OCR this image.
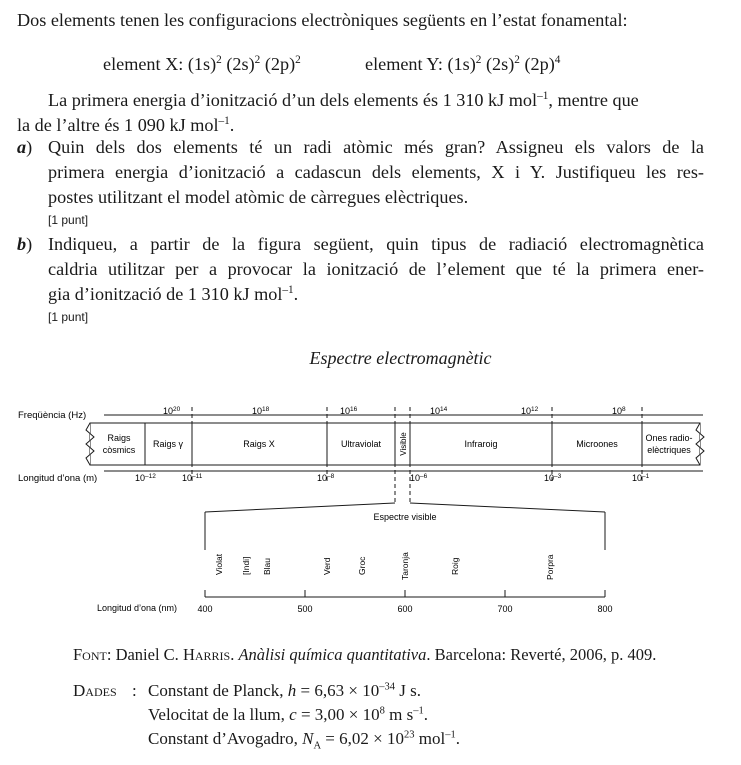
Dos elements tenen les configuracions electròniques següents en l’estat fonamental:
element X: $(1s)^2$ $(2s)^2$ $(2p)^2$	element Y: $(1s)^2$ $(2s)^2$ $(2p)^4$
La primera energia d’ionització d’un dels elements és 1 310 kJ mol$^{-1}$, mentre que
la de l’altre és 1 090 kJ mol$^{-1}$.
a) Quin dels dos elements té un radi atòmic més gran? Assigneu els valors de la
primera energia d’ionització a cadascun dels elements, X i Y. Justifiqueu les res-
postes utilitzant el model atòmic de càrregues elèctriques.
[1 punt]
b) Indiqueu, a partir de la figura següent, quin tipus de radiació electromagnètica
caldria utilitzar per a provocar la ionització de l’element que té la primera ener-
gia d’ionització de 1 310 kJ mol$^{-1}$.
[1 punt]
Espectre electromagnètic
Freqüència (Hz)	$10^{20}$	$10^{18}$	$10^{16}$	$10^{14}$	$10^{12}$	$10^8$
Raigs
còsmics
Raigs γ	Raigs X	Ultraviolat Visible	Infraroig	Microones
Ones radio-
elèctriques
Longitud d’ona (m)	$10^{-12}$	$10^{-11}$	$10^{-8}$	$10^{-6}$	$10^{-3}$	$10^{-1}$
Espectre visible
Violat [Indi] Blau	Verd	Groc	Taronja	Roig	Porpra
Longitud d’ona (nm) 400	500	600	700	800
Font: Daniel C. Harris. Anàlisi química quantitativa. Barcelona: Reverté, 2006, p. 409.
Dades : Constant de Planck, $h = 6,63 \times 10^{-34}$ J s.
Velocitat de la llum, $c = 3,00 \times 10^8$ m $s^{-1}$.
Constant d’Avogadro, $N_A = 6,02 \times 10^{23}$ mol$^{-1}$.
